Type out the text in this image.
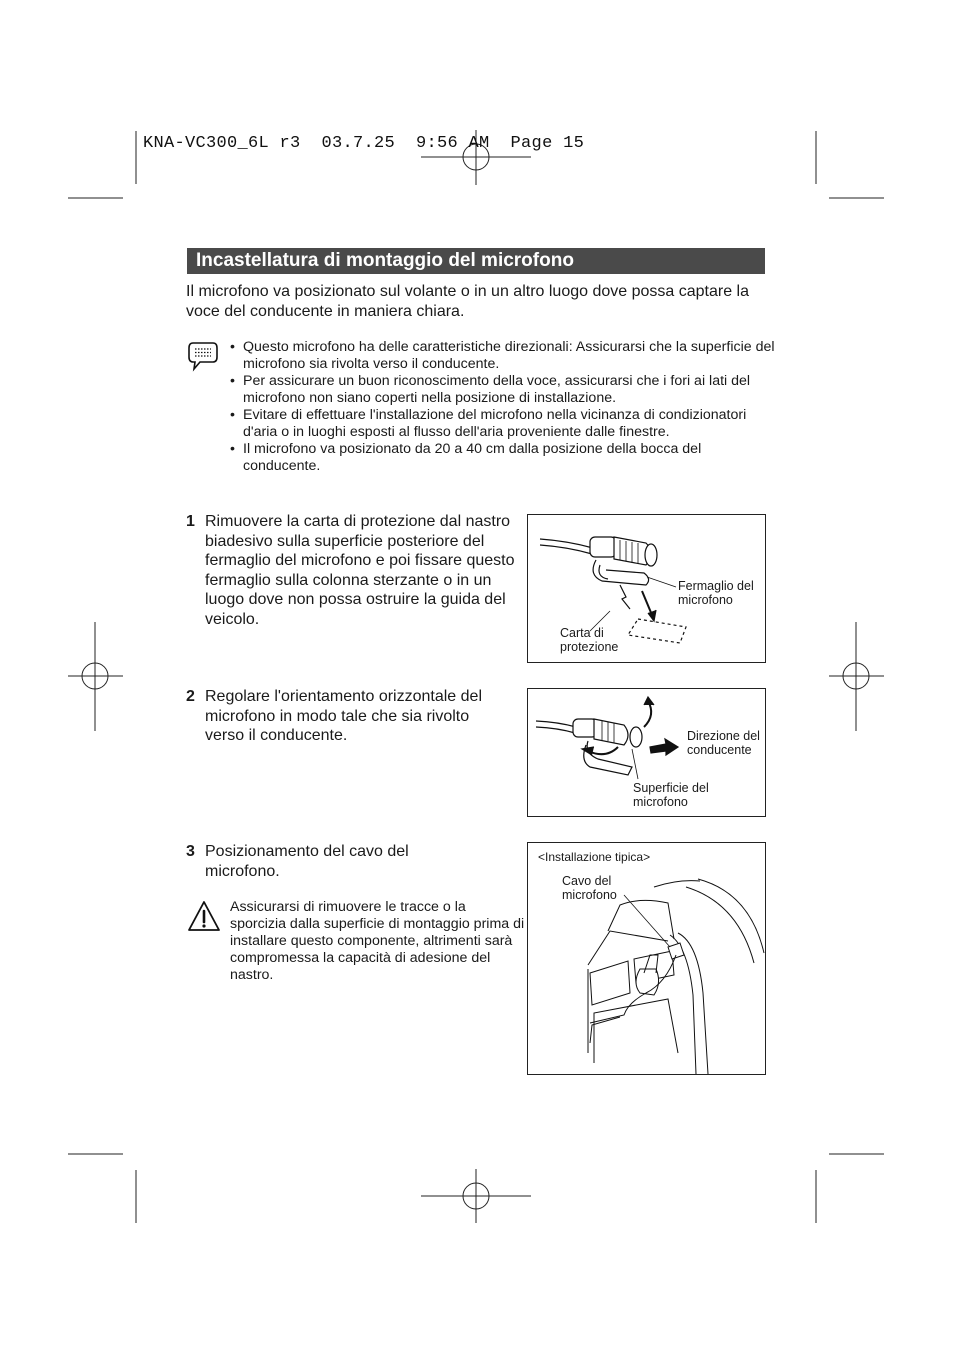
KNA-VC300_6L r3  03.7.25  9:56 AM  Page 15
Incastellatura di montaggio del microfono
Il microfono va posizionato sul volante o in un altro luogo dove possa captare la voce del conducente in maniera chiara.
• Questo microfono ha delle caratteristiche direzionali: Assicurarsi che la superficie del microfono sia rivolta verso il conducente.
• Per assicurare un buon riconoscimento della voce, assicurarsi che i fori ai lati del microfono non siano coperti nella posizione di installazione.
• Evitare di effettuare l'installazione del microfono nella vicinanza di condizionatori d'aria o in luoghi esposti al flusso dell'aria proveniente dalle finestre.
• Il microfono va posizionato da 20 a 40 cm dalla posizione della bocca del conducente.
1 Rimuovere la carta di protezione dal nastro biadesivo sulla superficie posteriore del fermaglio del microfono e poi fissare questo fermaglio sulla colonna sterzante o in un luogo dove non possa ostruire la guida del veicolo.
Fermaglio del microfono
Carta di protezione
2 Regolare l'orientamento orizzontale del microfono in modo tale che sia rivolto verso il conducente.	Direzione del conducente
Superficie del microfono
3 Posizionamento del cavo del microfono.
Assicurarsi di rimuovere le tracce o la sporcizia dalla superficie di montaggio prima di installare questo componente, altrimenti sarà compromessa la capacità di adesione del nastro.
<Installazione tipica>
Cavo del microfono
